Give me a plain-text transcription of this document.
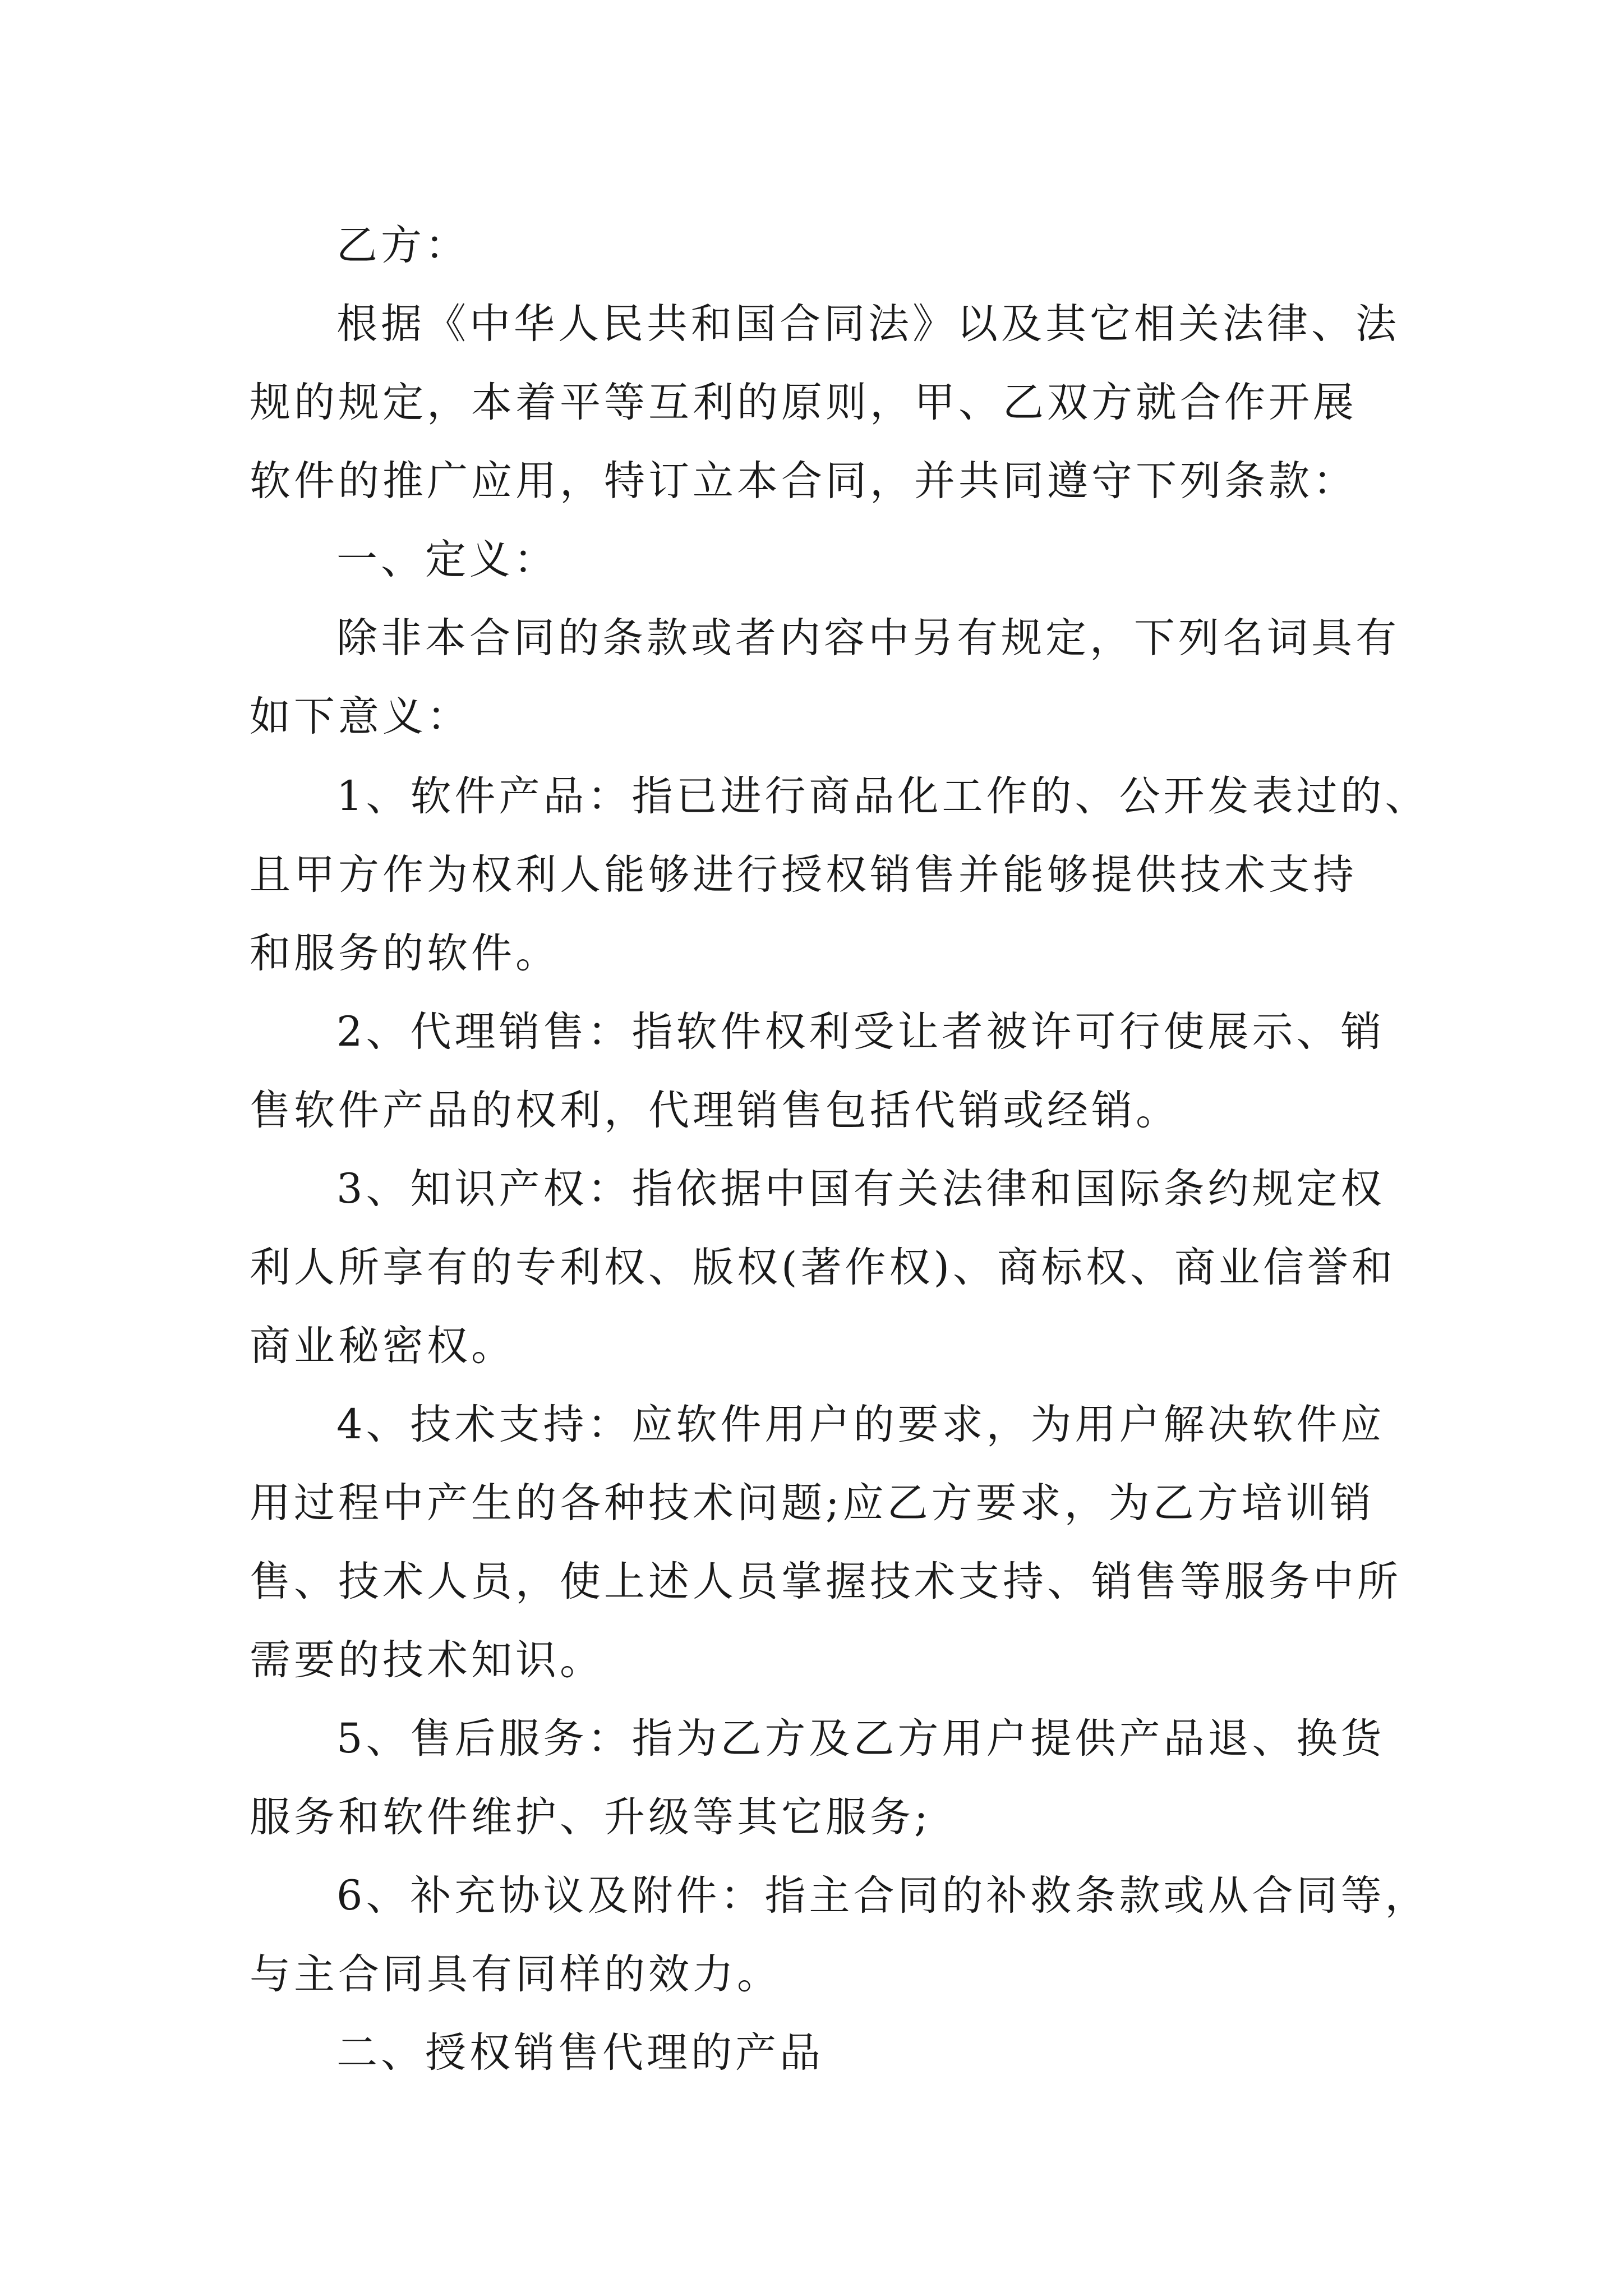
乙方：
根据《中华人民共和国合同法》以及其它相关法律、法
规的规定，本着平等互利的原则，甲、乙双方就合作开展
软件的推广应用，特订立本合同，并共同遵守下列条款：
一、定义：
除非本合同的条款或者内容中另有规定，下列名词具有
如下意义：
1、软件产品：指已进行商品化工作的、公开发表过的、
且甲方作为权利人能够进行授权销售并能够提供技术支持
和服务的软件。
2、代理销售：指软件权利受让者被许可行使展示、销
售软件产品的权利，代理销售包括代销或经销。
3、知识产权：指依据中国有关法律和国际条约规定权
利人所享有的专利权、版权(著作权)、商标权、商业信誉和
商业秘密权。
4、技术支持：应软件用户的要求，为用户解决软件应
用过程中产生的各种技术问题;应乙方要求，为乙方培训销
售、技术人员，使上述人员掌握技术支持、销售等服务中所
需要的技术知识。
5、售后服务：指为乙方及乙方用户提供产品退、换货
服务和软件维护、升级等其它服务;
6、补充协议及附件：指主合同的补救条款或从合同等，
与主合同具有同样的效力。
二、授权销售代理的产品
